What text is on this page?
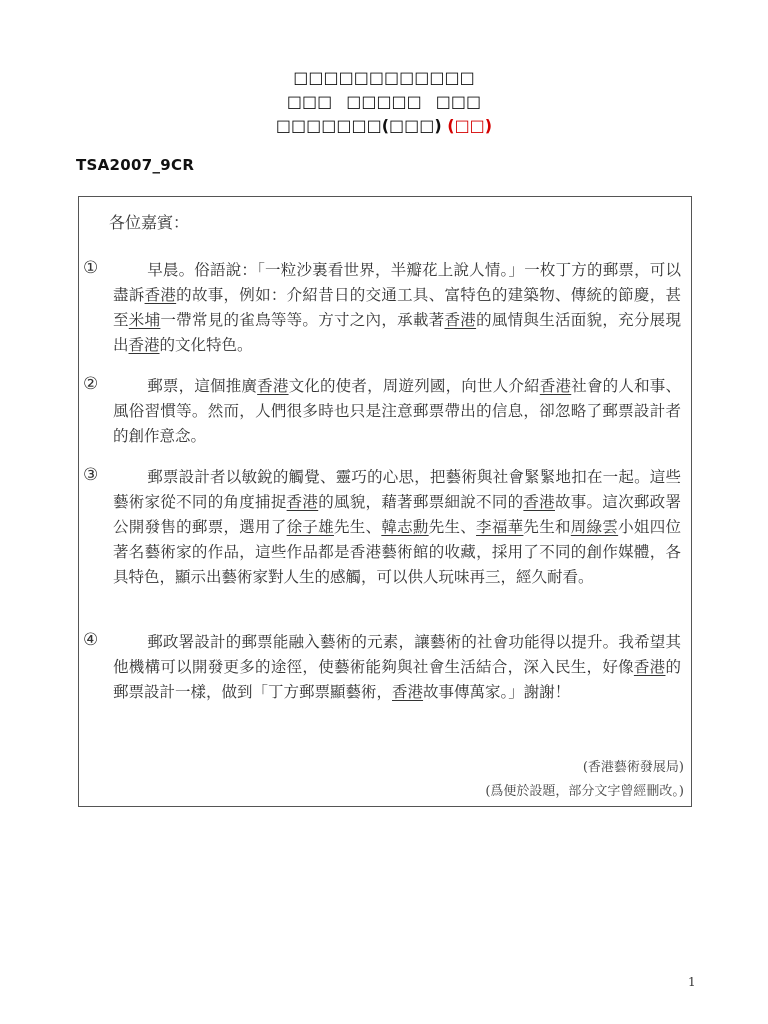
□□□□□□□□□□□□
□□□ □□□□□ □□□
□□□□□□□(□□□) (□□)
TSA2007_9CR
各位嘉賓：
①	早晨。俗語說：「一粒沙裏看世界，半瓣花上說人情。」一枚丁方的郵票，可以盡訴香港的故事，例如：介紹昔日的交通工具、富特色的建築物、傳統的節慶，甚至米埔一帶常見的雀鳥等等。方寸之內，承載著香港的風情與生活面貌，充分展現出香港的文化特色。
②	郵票，這個推廣香港文化的使者，周遊列國，向世人介紹香港社會的人和事、風俗習慣等。然而，人們很多時也只是注意郵票帶出的信息，卻忽略了郵票設計者的創作意念。
③	郵票設計者以敏銳的觸覺、靈巧的心思，把藝術與社會緊緊地扣在一起。這些藝術家從不同的角度捕捉香港的風貌，藉著郵票細說不同的香港故事。這次郵政署公開發售的郵票，選用了徐子雄先生、韓志勳先生、李福華先生和周綠雲小姐四位著名藝術家的作品，這些作品都是香港藝術館的收藏，採用了不同的創作媒體，各具特色，顯示出藝術家對人生的感觸，可以供人玩味再三，經久耐看。
④	郵政署設計的郵票能融入藝術的元素，讓藝術的社會功能得以提升。我希望其他機構可以開發更多的途徑，使藝術能夠與社會生活結合，深入民生，好像香港的郵票設計一樣，做到「丁方郵票顯藝術，香港故事傳萬家。」謝謝！
(香港藝術發展局)
(爲便於設題，部分文字曾經刪改。)
1
